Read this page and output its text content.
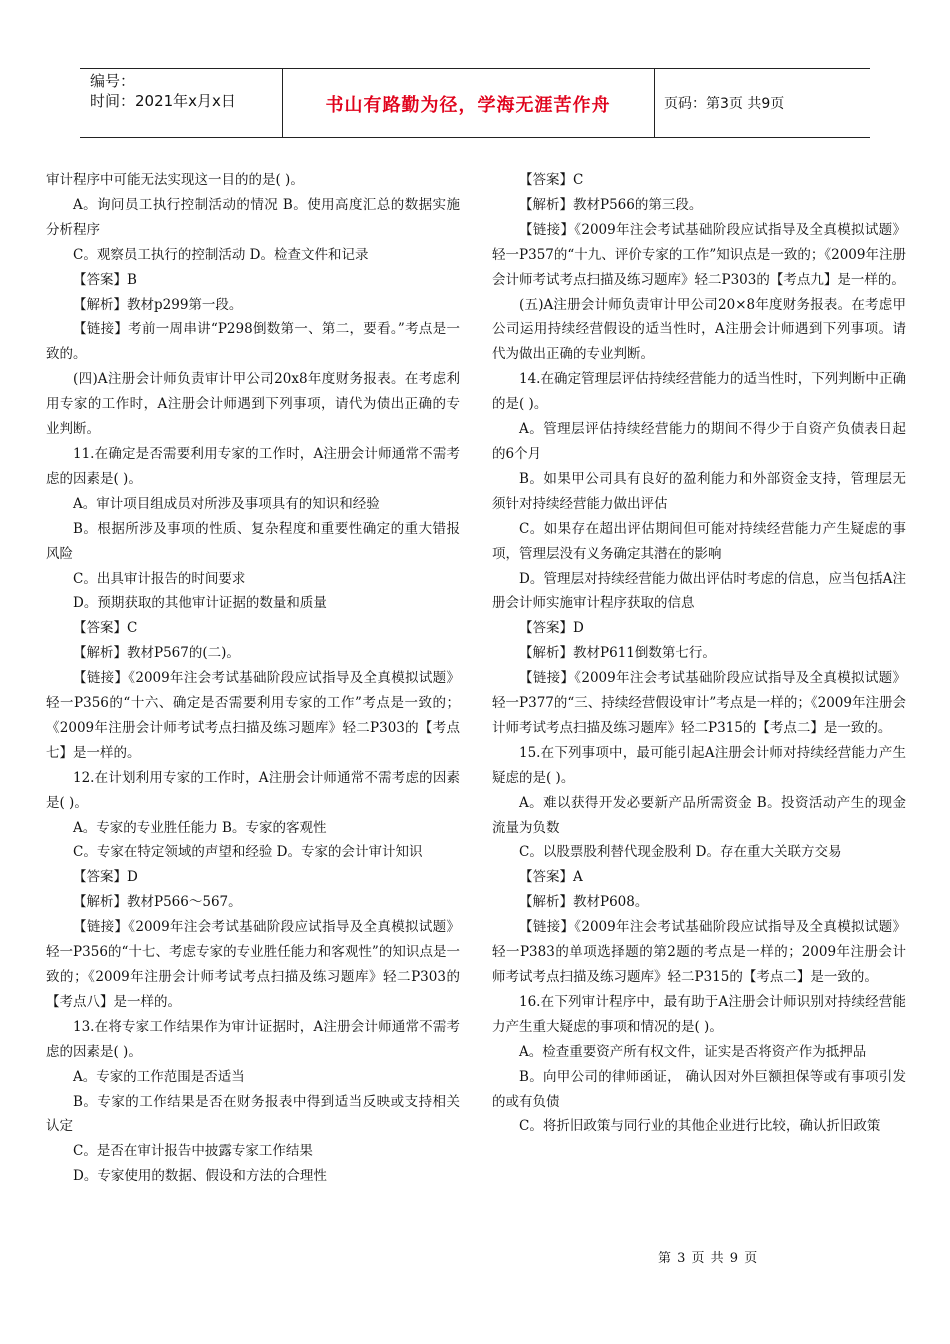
编号：
时间：2021年x月x日	书山有路勤为径，学海无涯苦作舟	页码：第3页 共9页

审计程序中可能无法实现这一目的的是( )。

A。询问员工执行控制活动的情况 B。使用高度汇总的数据实施分析程序

C。观察员工执行的控制活动 D。检查文件和记录

【答案】B

【解析】教材p299第一段。

【链接】考前一周串讲“P298倒数第一、第二，要看。”考点是一致的。

(四)A注册会计师负责审计甲公司20x8年度财务报表。在考虑利用专家的工作时，A注册会计师遇到下列事项，请代为债出正确的专业判断。

11.在确定是否需要利用专家的工作时，A注册会计师通常不需考虑的因素是( )。

A。审计项目组成员对所涉及事项具有的知识和经验

B。根据所涉及事项的性质、复杂程度和重要性确定的重大错报风险

C。出具审计报告的时间要求

D。预期获取的其他审计证据的数量和质量

【答案】C

【解析】教材P567的(二)。

【链接】《2009年注会考试基础阶段应试指导及全真模拟试题》轻一P356的“十六、确定是否需要利用专家的工作”考点是一致的；《2009年注册会计师考试考点扫描及练习题库》轻二P303的【考点七】是一样的。

12.在计划利用专家的工作时，A注册会计师通常不需考虑的因素是( )。

A。专家的专业胜任能力 B。专家的客观性

C。专家在特定领域的声望和经验 D。专家的会计审计知识

【答案】D

【解析】教材P566～567。

【链接】《2009年注会考试基础阶段应试指导及全真模拟试题》轻一P356的“十七、考虑专家的专业胜任能力和客观性”的知识点是一致的；《2009年注册会计师考试考点扫描及练习题库》轻二P303的【考点八】是一样的。

13.在将专家工作结果作为审计证据时，A注册会计师通常不需考虑的因素是( )。

A。专家的工作范围是否适当

B。专家的工作结果是否在财务报表中得到适当反映或支持相关认定

C。是否在审计报告中披露专家工作结果

D。专家使用的数据、假设和方法的合理性

【答案】C

【解析】教材P566的第三段。

【链接】《2009年注会考试基础阶段应试指导及全真模拟试题》轻一P357的“十九、评价专家的工作”知识点是一致的；《2009年注册会计师考试考点扫描及练习题库》轻二P303的【考点九】是一样的。

(五)A注册会计师负责审计甲公司20×8年度财务报表。在考虑甲公司运用持续经营假设的适当性时，A注册会计师遇到下列事项。请代为做出正确的专业判断。

14.在确定管理层评估持续经营能力的适当性时，下列判断中正确的是( )。

A。管理层评估持续经营能力的期间不得少于自资产负债表日起的6个月

B。如果甲公司具有良好的盈利能力和外部资金支持，管理层无须针对持续经营能力做出评估

C。如果存在超出评估期间但可能对持续经营能力产生疑虑的事项，管理层没有义务确定其潜在的影响

D。管理层对持续经营能力做出评估时考虑的信息，应当包括A注册会计师实施审计程序获取的信息

【答案】D

【解析】教材P611倒数第七行。

【链接】《2009年注会考试基础阶段应试指导及全真模拟试题》轻一P377的“三、持续经营假设审计”考点是一样的；《2009年注册会计师考试考点扫描及练习题库》轻二P315的【考点二】是一致的。

15.在下列事项中，最可能引起A注册会计师对持续经营能力产生疑虑的是( )。

A。难以获得开发必要新产品所需资金 B。投资活动产生的现金流量为负数

C。以股票股利替代现金股利 D。存在重大关联方交易

【答案】A

【解析】教材P608。

【链接】《2009年注会考试基础阶段应试指导及全真模拟试题》轻一P383的单项选择题的第2题的考点是一样的；2009年注册会计师考试考点扫描及练习题库》轻二P315的【考点二】是一致的。

16.在下列审计程序中，最有助于A注册会计师识别对持续经营能力产生重大疑虑的事项和情况的是( )。

A。检查重要资产所有权文件，证实是否将资产作为抵押品

B。向甲公司的律师函证， 确认因对外巨额担保等或有事项引发的或有负债

C。将折旧政策与同行业的其他企业进行比较，确认折旧政策

第 3 页 共 9 页
